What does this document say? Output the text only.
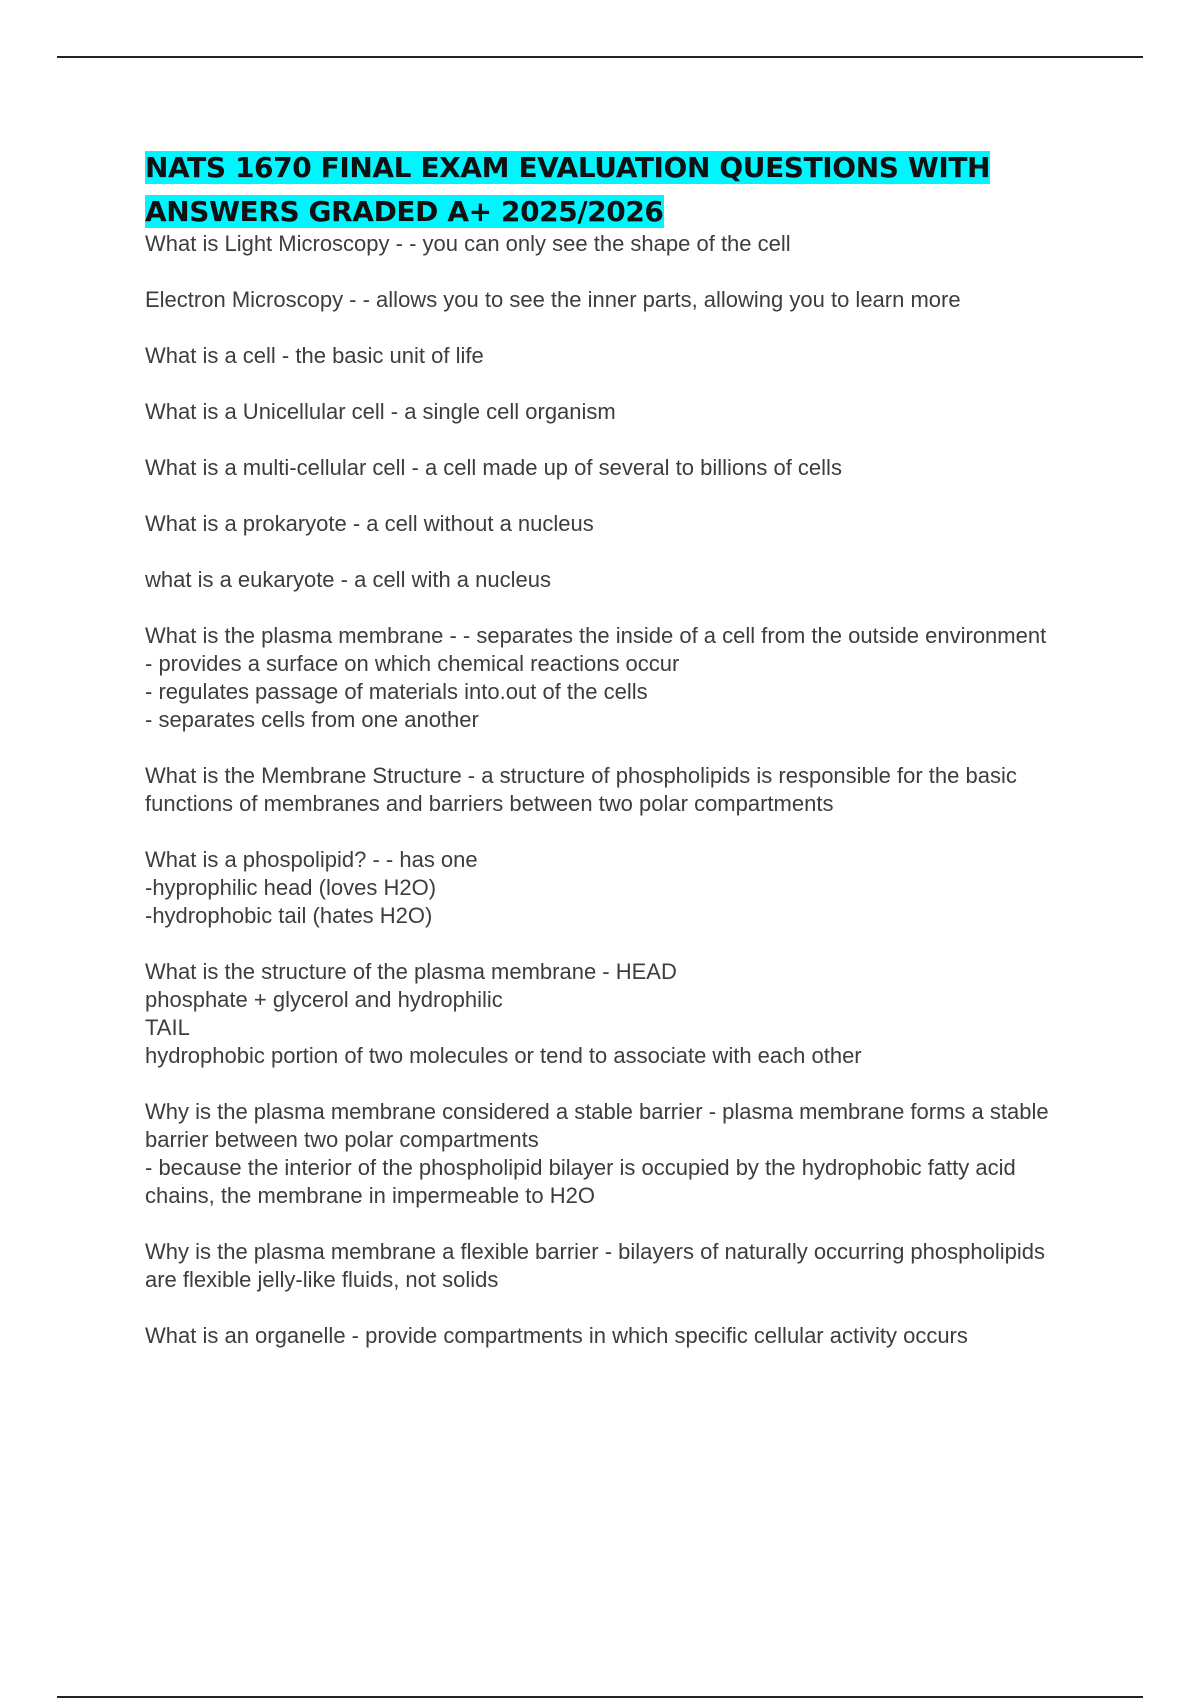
NATS 1670 FINAL EXAM EVALUATION QUESTIONS WITH ANSWERS GRADED A+ 2025/2026

What is Light Microscopy - - you can only see the shape of the cell

Electron Microscopy - - allows you to see the inner parts, allowing you to learn more

What is a cell - the basic unit of life

What is a Unicellular cell - a single cell organism

What is a multi-cellular cell - a cell made up of several to billions of cells

What is a prokaryote - a cell without a nucleus

what is a eukaryote - a cell with a nucleus

What is the plasma membrane - - separates the inside of a cell from the outside environment
- provides a surface on which chemical reactions occur
- regulates passage of materials into.out of the cells
- separates cells from one another

What is the Membrane Structure - a structure of phospholipids is responsible for the basic functions of membranes and barriers between two polar compartments

What is a phospolipid? - - has one
-hyprophilic head (loves H2O)
-hydrophobic tail (hates H2O)

What is the structure of the plasma membrane - HEAD
phosphate + glycerol and hydrophilic
TAIL
hydrophobic portion of two molecules or tend to associate with each other

Why is the plasma membrane considered a stable barrier - plasma membrane forms a stable barrier between two polar compartments
- because the interior of the phospholipid bilayer is occupied by the hydrophobic fatty acid chains, the membrane in impermeable to H2O

Why is the plasma membrane a flexible barrier - bilayers of naturally occurring phospholipids are flexible jelly-like fluids, not solids

What is an organelle - provide compartments in which specific cellular activity occurs
